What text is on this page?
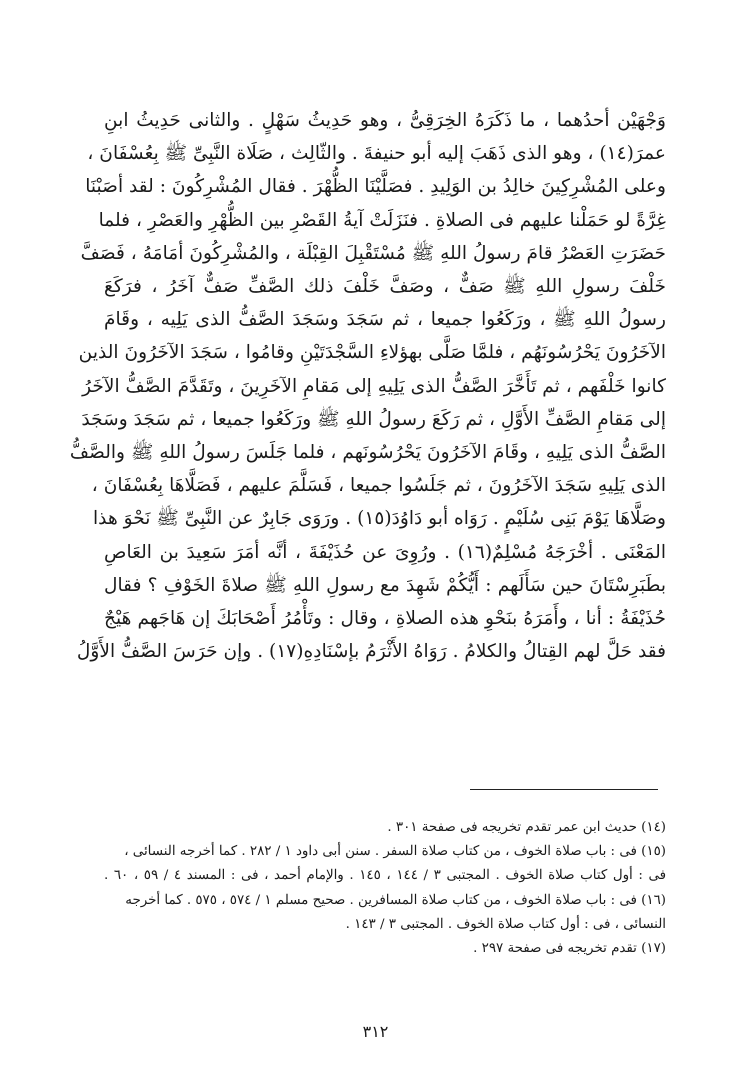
وَجْهَيْن أحدُهما ، ما ذَكَرَهُ الخِرَقِىُّ ، وهو حَدِيثُ سَهْلٍ . والثانى حَدِيثُ ابنِ
عمرَ(١٤) ، وهو الذى ذَهَبَ إليه أبو حنيفةَ . والثّالِث ، صَلَاة النَّبِىِّ ﷺ بِعُسْفَانَ ،
وعلى المُشْرِكِينَ خالِدُ بن الوَلِيدِ . فصَلَّيْنَا الظُّهْرَ . فقال المُشْرِكُونَ : لقد أصَبْنَا
غِرَّةً لو حَمَلْنا عليهم فى الصلاةِ . فنَزَلَتْ آيةُ القَصْرِ بين الظُّهْرِ والعَصْرِ ، فلما
حَضَرَتِ العَصْرُ قامَ رسولُ اللهِ ﷺ مُسْتَقْبِلَ القِبْلَة ، والمُشْرِكُونَ أمَامَهُ ، فَصَفَّ
خَلْفَ رسولِ اللهِ ﷺ صَفٌّ ، وصَفَّ خَلْفَ ذلك الصَّفِّ صَفٌّ آخَرُ ، فرَكَعَ
رسولُ اللهِ ﷺ ، ورَكَعُوا جميعا ، ثم سَجَدَ وسَجَدَ الصَّفُّ الذى يَلِيه ، وقَامَ
الآخَرُونَ يَحْرُسُونَهُم ، فلمَّا صَلَّى بهؤلاءِ السَّجْدَتَيْنِ وقامُوا ، سَجَدَ الآخَرُونَ الذين
كانوا خَلْفَهم ، ثم تَأَخَّرَ الصَّفُّ الذى يَلِيهِ إلى مَقامِ الآخَرِينَ ، وتَقَدَّمَ الصَّفُّ الآخَرُ
إلى مَقامِ الصَّفِّ الأَوَّلِ ، ثم رَكَعَ رسولُ اللهِ ﷺ ورَكَعُوا جميعا ، ثم سَجَدَ وسَجَدَ
الصَّفُّ الذى يَلِيهِ ، وقَامَ الآخَرُونَ يَحْرُسُونَهم ، فلما جَلَسَ رسولُ اللهِ ﷺ والصَّفُّ
الذى يَلِيهِ سَجَدَ الآخَرُونَ ، ثم جَلَسُوا جميعا ، فَسَلَّمَ عليهم ، فَصَلَّاهَا بِعُسْفَانَ ،
وصَلَّاهَا يَوْمَ بَنِى سُلَيْمٍ . رَوَاه أبو دَاوُدَ(١٥) . ورَوَى جَابِرٌ عن النَّبِىِّ ﷺ نَحْوَ هذا
المَعْنَى . أخْرَجَهُ مُسْلِمٌ(١٦) . ورُوِىَ عن حُذَيْفَةَ ، أنَّه أمَرَ سَعِيدَ بن العَاصِ
بطَبَرِسْتَانَ حين سَأَلَهم : أَيُّكُمْ شَهِدَ مع رسولِ اللهِ ﷺ صلاةَ الخَوْفِ ؟ فقال
حُذَيْفَةُ : أنا ، وأَمَرَهُ بنَحْوِ هذه الصلاةِ ، وقال : وتَأْمُرُ أَصْحَابَكَ إن هَاجَهم هَيْجٌ
فقد حَلَّ لهم القِتالُ والكلامُ . رَوَاهُ الأَثْرَمُ بإسْنَادِهِ(١٧) . وإن حَرَسَ الصَّفُّ الأَوَّلُ
(١٤) حديث ابن عمر تقدم تخريجه فى صفحة ٣٠١ .
(١٥) فى : باب صلاة الخوف ، من كتاب صلاة السفر . سنن أبى داود ١ / ٢٨٢ . كما أخرجه النسائى ،
فى : أول كتاب صلاة الخوف . المجتبى ٣ / ١٤٤ ، ١٤٥ . والإمام أحمد ، فى : المسند ٤ / ٥٩ ، ٦٠ .
(١٦) فى : باب صلاة الخوف ، من كتاب صلاة المسافرين . صحيح مسلم ١ / ٥٧٤ ، ٥٧٥ . كما أخرجه
النسائى ، فى : أول كتاب صلاة الخوف . المجتبى ٣ / ١٤٣ .
(١٧) تقدم تخريجه فى صفحة ٢٩٧ .
٣١٢
